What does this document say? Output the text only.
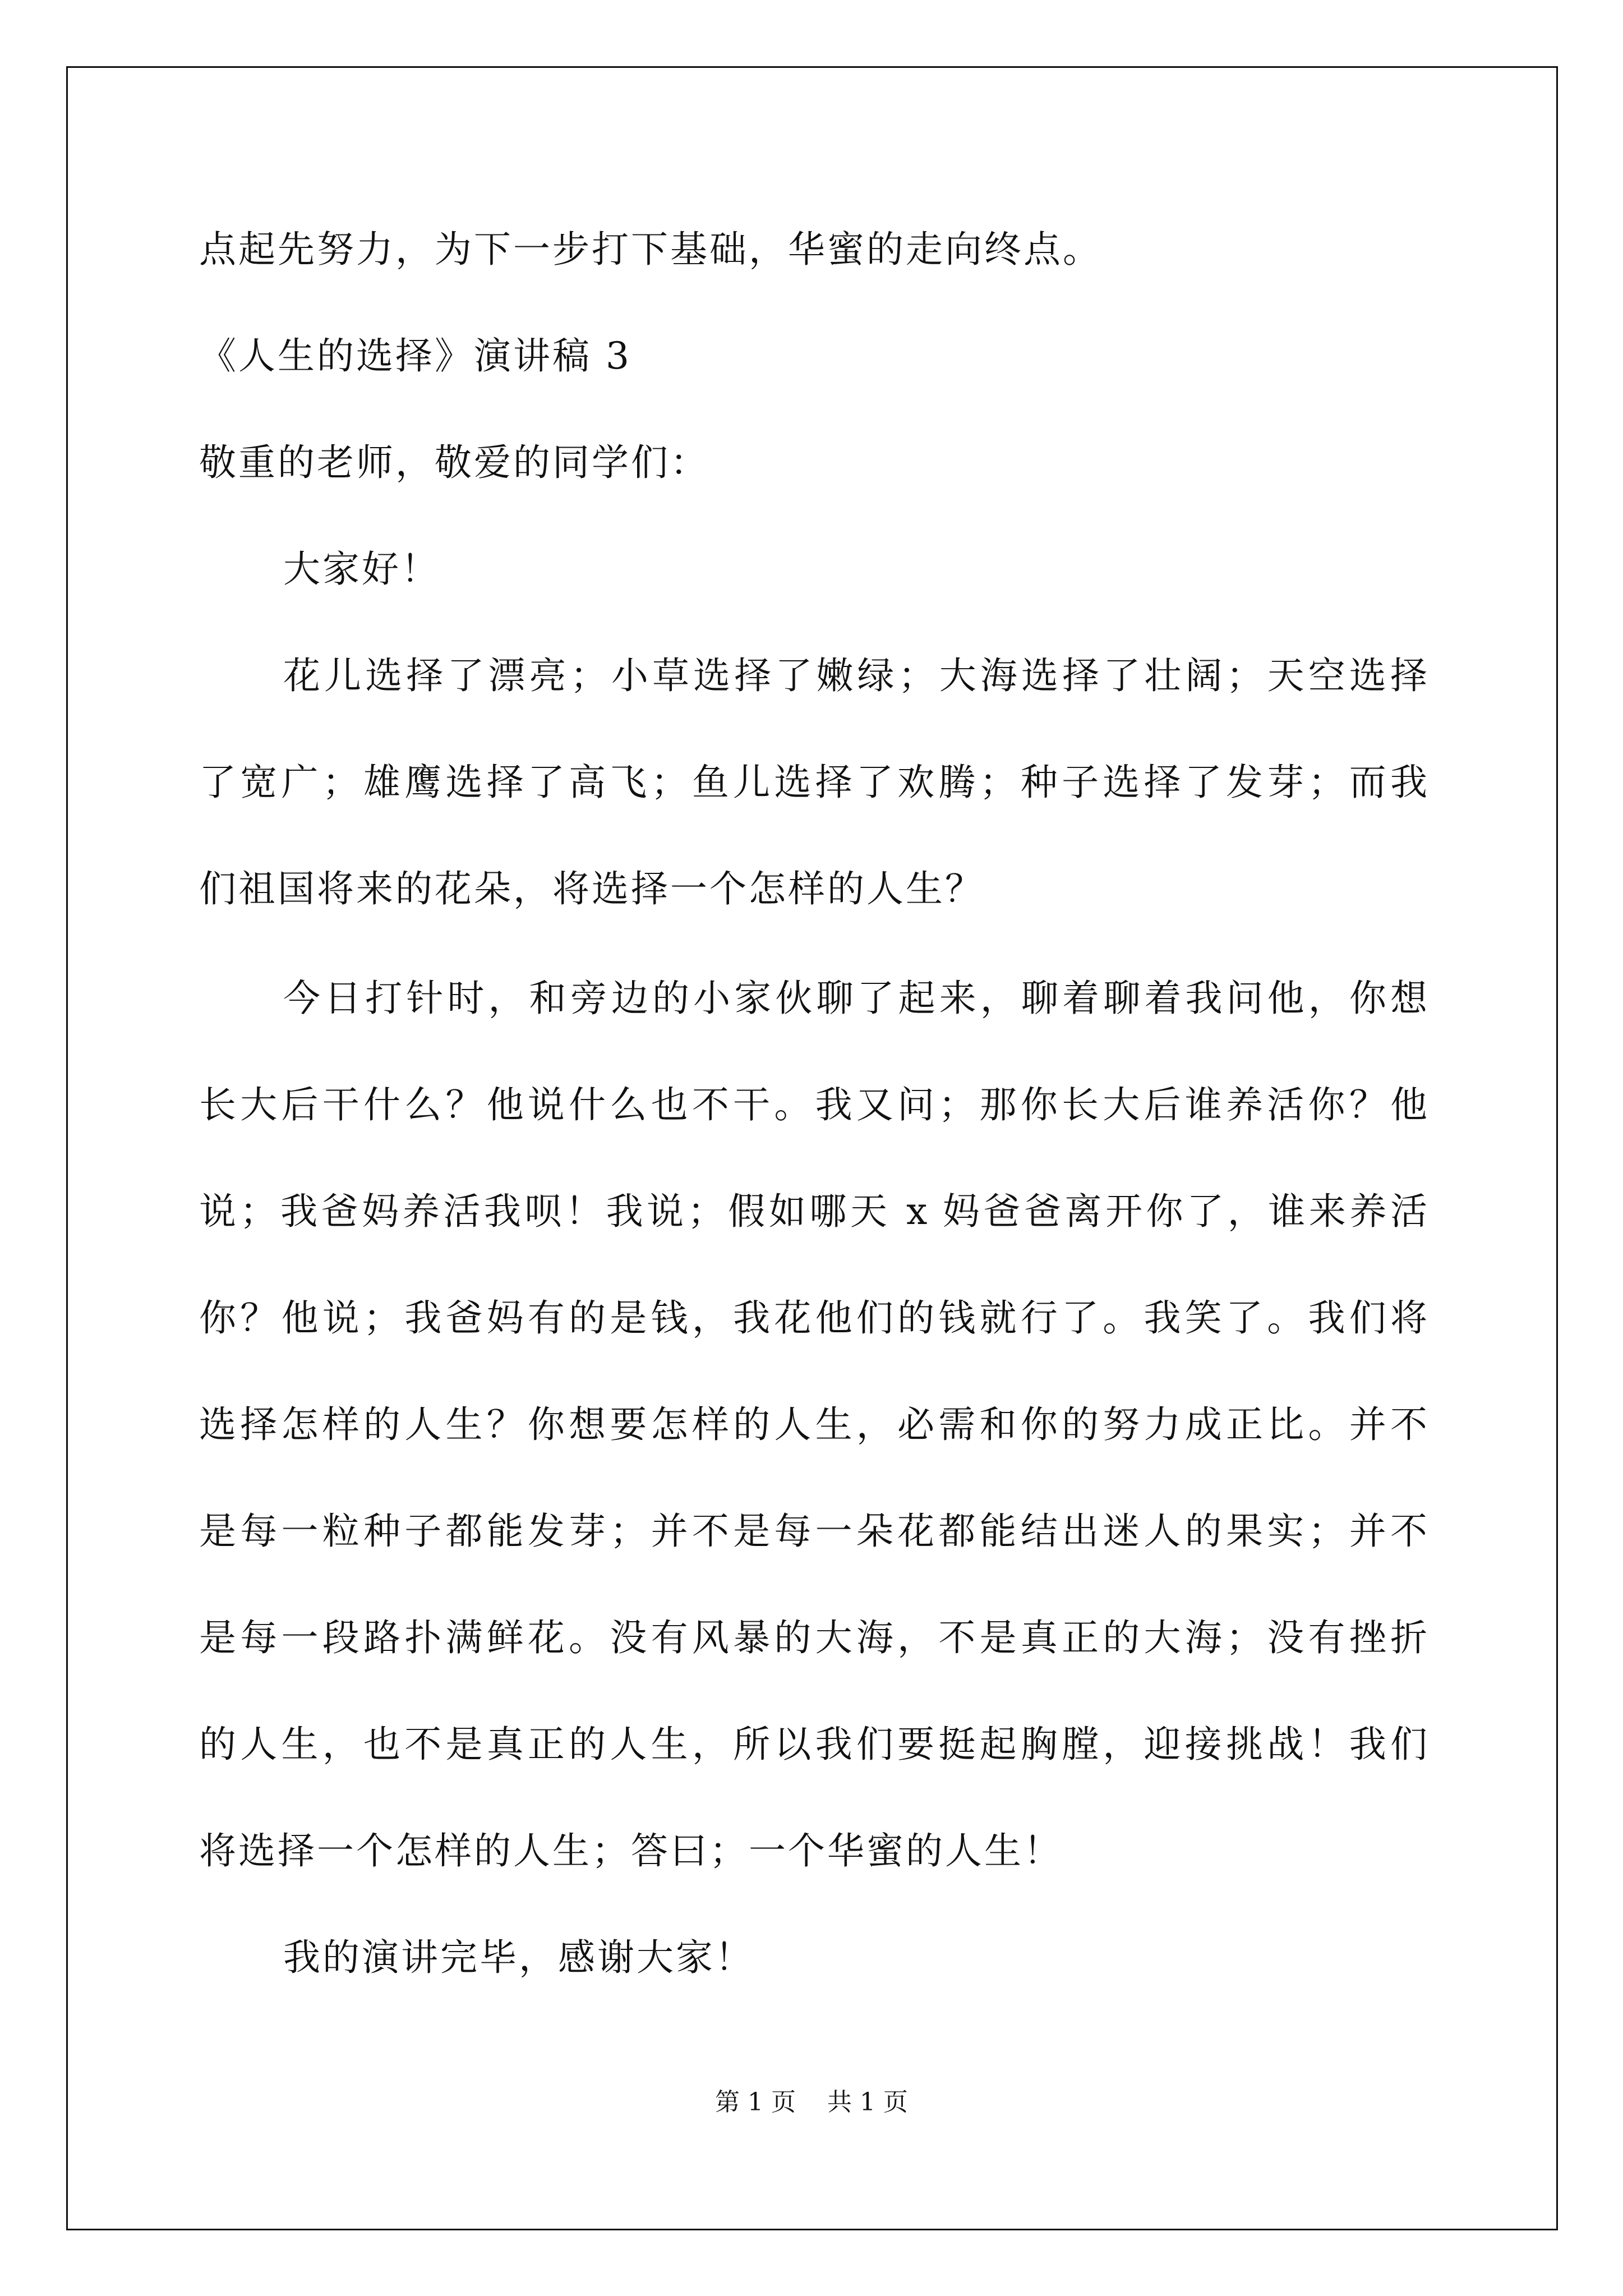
点起先努力，为下一步打下基础，华蜜的走向终点。
《人生的选择》演讲稿 3
敬重的老师，敬爱的同学们：
大家好！
花儿选择了漂亮；小草选择了嫩绿；大海选择了壮阔；天空选择
了宽广；雄鹰选择了高飞；鱼儿选择了欢腾；种子选择了发芽；而我
们祖国将来的花朵，将选择一个怎样的人生？
今日打针时，和旁边的小家伙聊了起来，聊着聊着我问他，你想
长大后干什么？他说什么也不干。我又问；那你长大后谁养活你？他
说；我爸妈养活我呗！我说；假如哪天 x 妈爸爸离开你了，谁来养活
你？他说；我爸妈有的是钱，我花他们的钱就行了。我笑了。我们将
选择怎样的人生？你想要怎样的人生，必需和你的努力成正比。并不
是每一粒种子都能发芽；并不是每一朵花都能结出迷人的果实；并不
是每一段路扑满鲜花。没有风暴的大海，不是真正的大海；没有挫折
的人生，也不是真正的人生，所以我们要挺起胸膛，迎接挑战！我们
将选择一个怎样的人生；答曰；一个华蜜的人生！
我的演讲完毕，感谢大家！
第 1 页    共 1 页
